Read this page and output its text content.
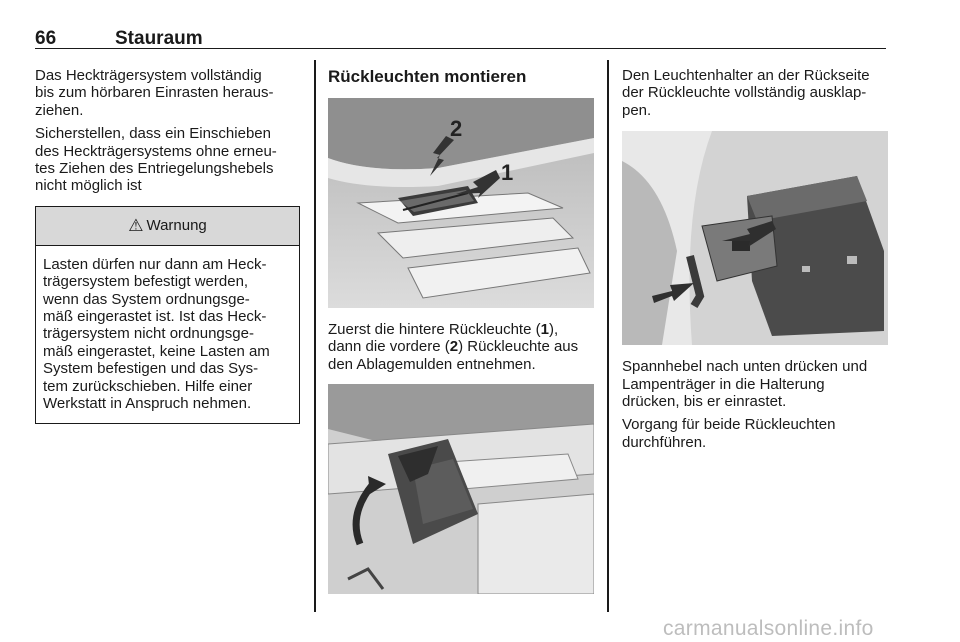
66	Stauraum

Das Heckträgersystem vollständig
bis zum hörbaren Einrasten heraus-
ziehen.

Sicherstellen, dass ein Einschieben
des Heckträgersystems ohne erneu-
tes Ziehen des Entriegelungshebels
nicht möglich ist

⚠ Warnung
Lasten dürfen nur dann am Heck-
trägersystem befestigt werden,
wenn das System ordnungsge-
mäß eingerastet ist. Ist das Heck-
trägersystem nicht ordnungsge-
mäß eingerastet, keine Lasten am
System befestigen und das Sys-
tem zurückschieben. Hilfe einer
Werkstatt in Anspruch nehmen.
Rückleuchten montieren
2
1

Zuerst die hintere Rückleuchte (1),
dann die vordere (2) Rückleuchte aus
den Ablagemulden entnehmen.

Den Leuchtenhalter an der Rückseite
der Rückleuchte vollständig ausklap-
pen.

Spannhebel nach unten drücken und
Lampenträger in die Halterung
drücken, bis er einrastet.

Vorgang für beide Rückleuchten
durchführen.

carmanualsonline.info
